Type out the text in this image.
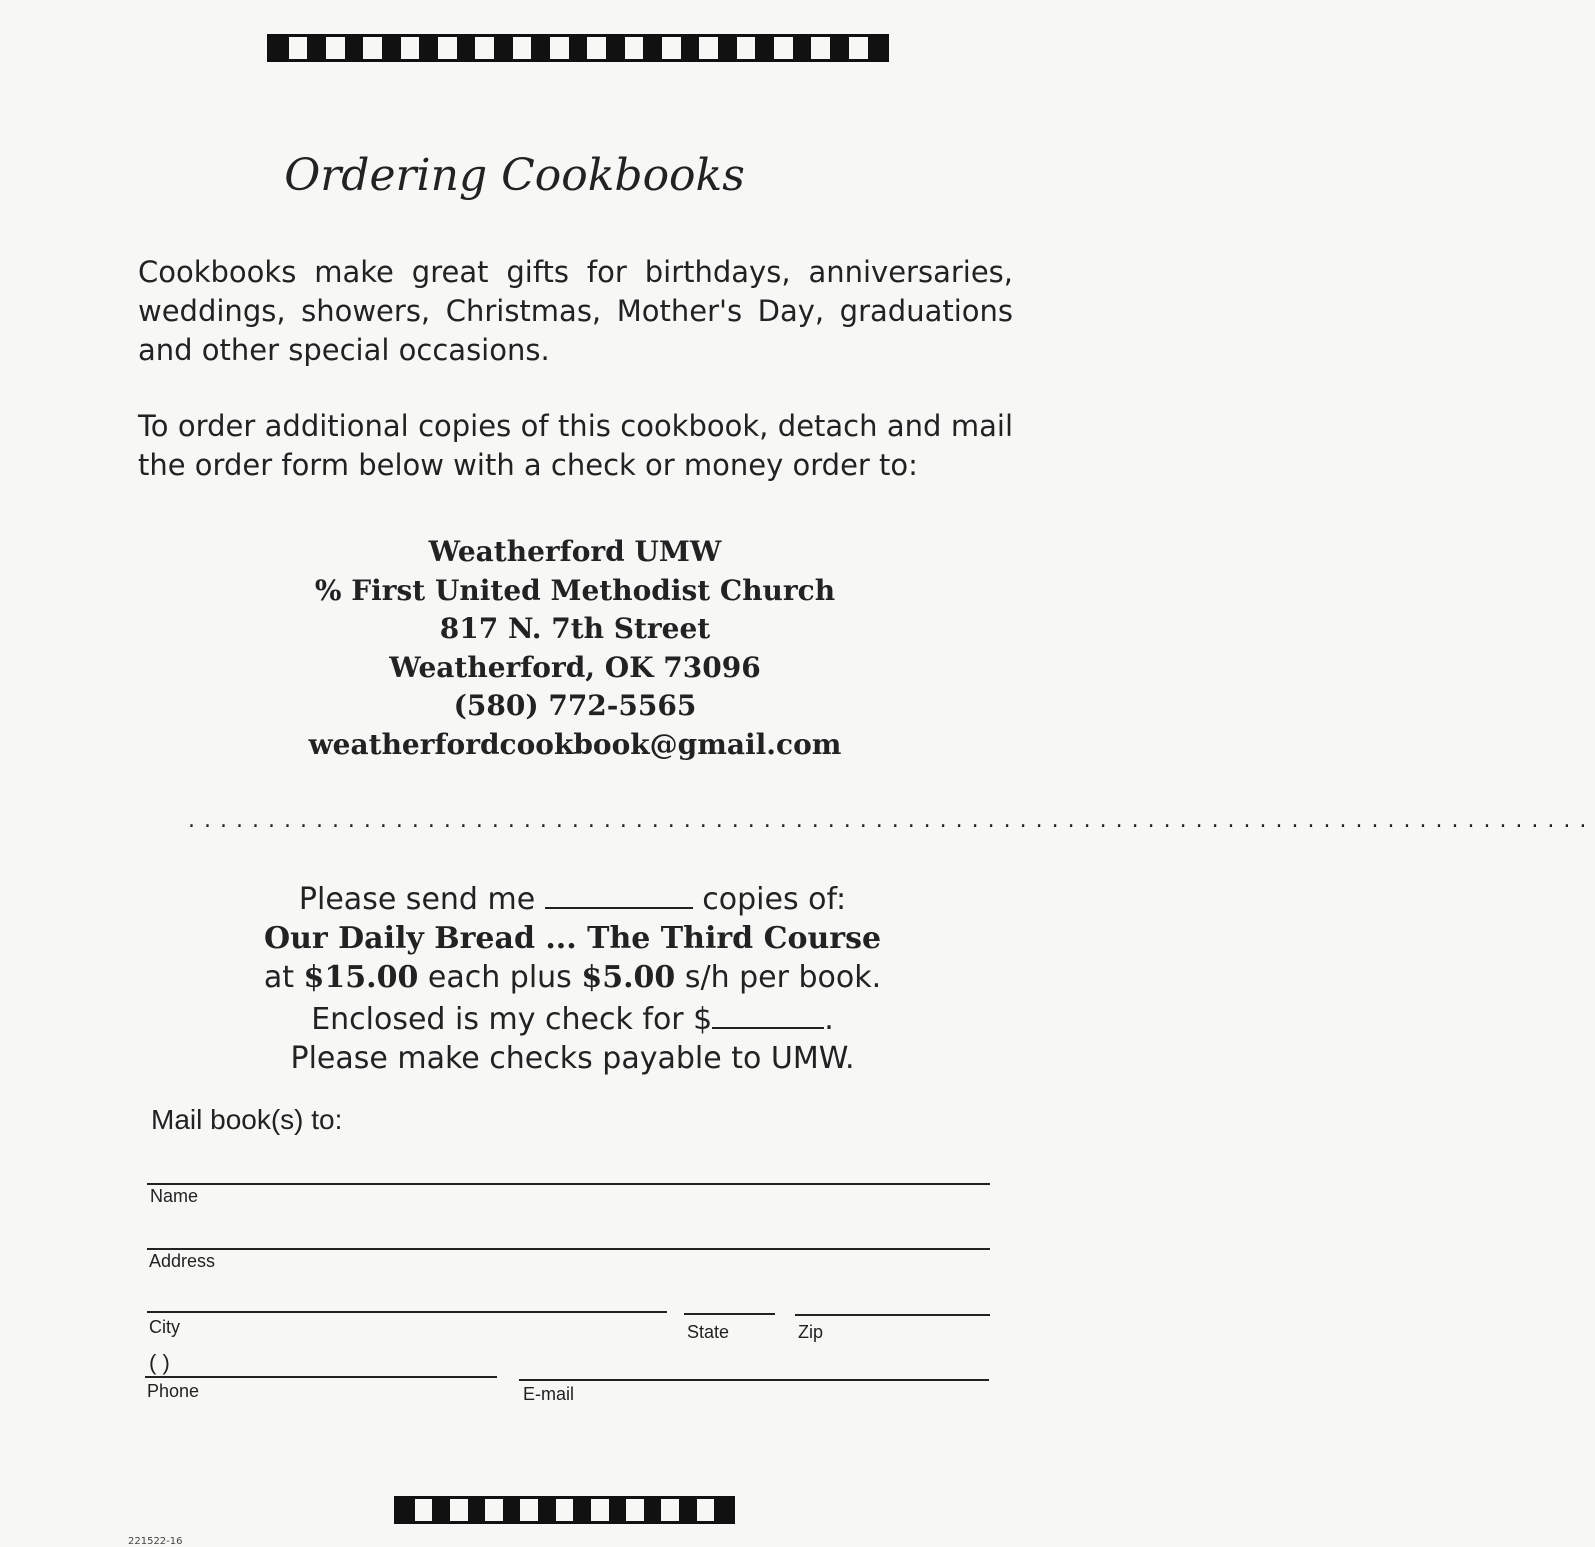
Ordering Cookbooks
Cookbooks make great gifts for birthdays, anniversaries, weddings, showers, Christmas, Mother's Day, graduations and other special occasions.
To order additional copies of this cookbook, detach and mail the order form below with a check or money order to:
Weatherford UMW
% First United Methodist Church
817 N. 7th Street
Weatherford, OK 73096
(580) 772-5565
weatherfordcookbook@gmail.com
........................................................................................
Please send me	copies of:
Our Daily Bread ... The Third Course
at $15.00 each plus $5.00 s/h per book.
Enclosed is my check for $	.
Please make checks payable to UMW.
Mail book(s) to:
Name
Address
City	State	Zip
( )
Phone	E-mail
221522-16
